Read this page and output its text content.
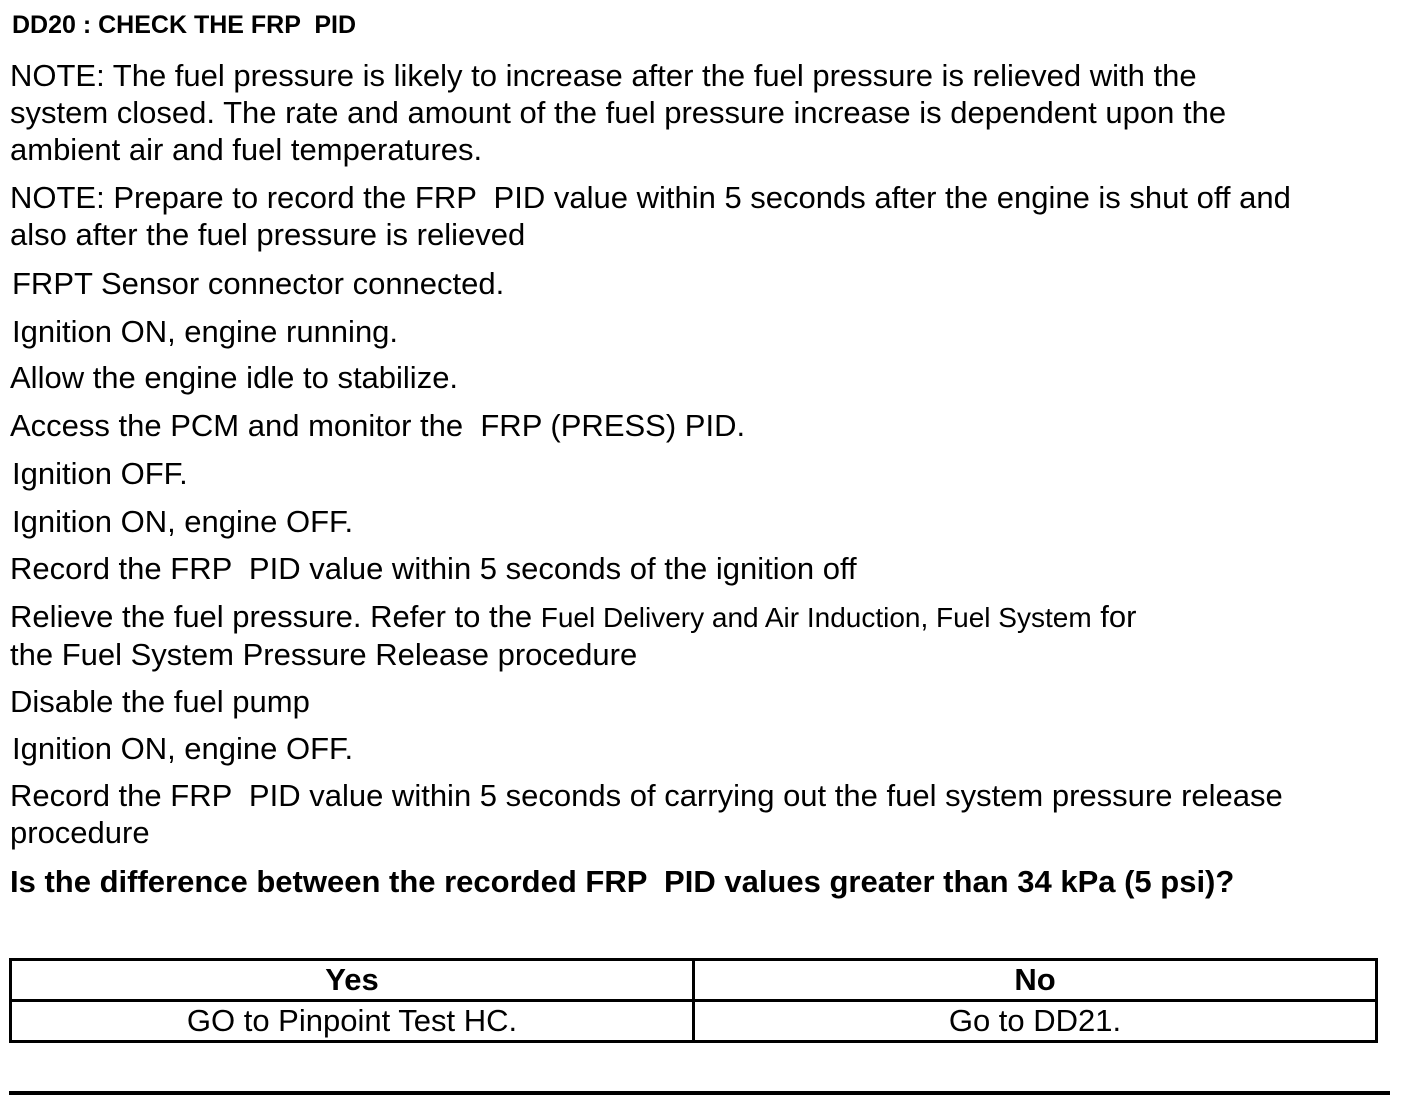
DD20 : CHECK THE FRP  PID
NOTE: The fuel pressure is likely to increase after the fuel pressure is relieved with the
system closed. The rate and amount of the fuel pressure increase is dependent upon the
ambient air and fuel temperatures.
NOTE: Prepare to record the FRP  PID value within 5 seconds after the engine is shut off and
also after the fuel pressure is relieved
FRPT Sensor connector connected.
Ignition ON, engine running.
Allow the engine idle to stabilize.
Access the PCM and monitor the  FRP (PRESS) PID.
Ignition OFF.
Ignition ON, engine OFF.
Record the FRP  PID value within 5 seconds of the ignition off
Relieve the fuel pressure. Refer to the Fuel Delivery and Air Induction, Fuel System for
the Fuel System Pressure Release procedure
Disable the fuel pump
Ignition ON, engine OFF.
Record the FRP  PID value within 5 seconds of carrying out the fuel system pressure release
procedure
Is the difference between the recorded FRP  PID values greater than 34 kPa (5 psi)?
Yes	No
GO to Pinpoint Test HC.	Go to DD21.
